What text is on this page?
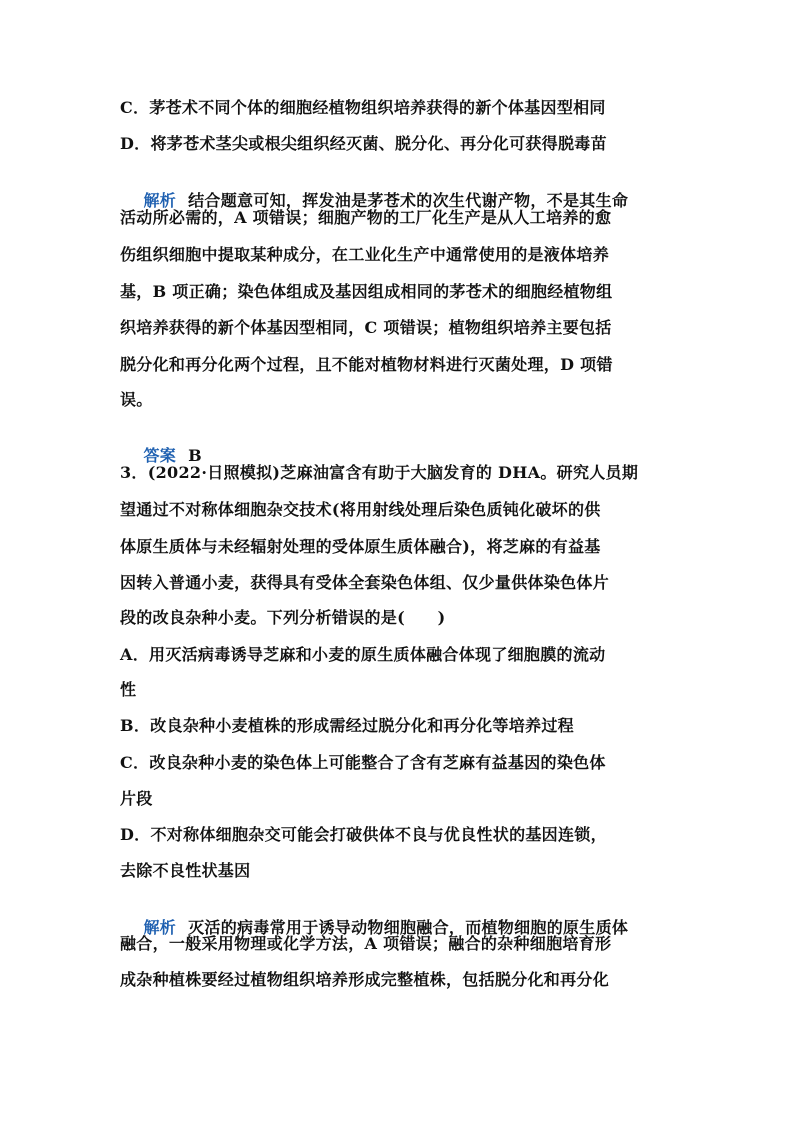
C．茅苍术不同个体的细胞经植物组织培养获得的新个体基因型相同
D．将茅苍术茎尖或根尖组织经灭菌、脱分化、再分化可获得脱毒苗

解析 结合题意可知，挥发油是茅苍术的次生代谢产物，不是其生命

活动所必需的，A 项错误；细胞产物的工厂化生产是从人工培养的愈
伤组织细胞中提取某种成分，在工业化生产中通常使用的是液体培养
基，B 项正确；染色体组成及基因组成相同的茅苍术的细胞经植物组
织培养获得的新个体基因型相同，C 项错误；植物组织培养主要包括
脱分化和再分化两个过程，且不能对植物材料进行灭菌处理，D 项错
误。

答案 B

3．(2022·日照模拟)芝麻油富含有助于大脑发育的 DHA。研究人员期
望通过不对称体细胞杂交技术(将用射线处理后染色质钝化破坏的供
体原生质体与未经辐射处理的受体原生质体融合)，将芝麻的有益基
因转入普通小麦，获得具有受体全套染色体组、仅少量供体染色体片
段的改良杂种小麦。下列分析错误的是(　　)
A．用灭活病毒诱导芝麻和小麦的原生质体融合体现了细胞膜的流动
性
B．改良杂种小麦植株的形成需经过脱分化和再分化等培养过程
C．改良杂种小麦的染色体上可能整合了含有芝麻有益基因的染色体
片段
D．不对称体细胞杂交可能会打破供体不良与优良性状的基因连锁，
去除不良性状基因

解析 灭活的病毒常用于诱导动物细胞融合，而植物细胞的原生质体

融合，一般采用物理或化学方法，A 项错误；融合的杂种细胞培育形
成杂种植株要经过植物组织培养形成完整植株，包括脱分化和再分化
